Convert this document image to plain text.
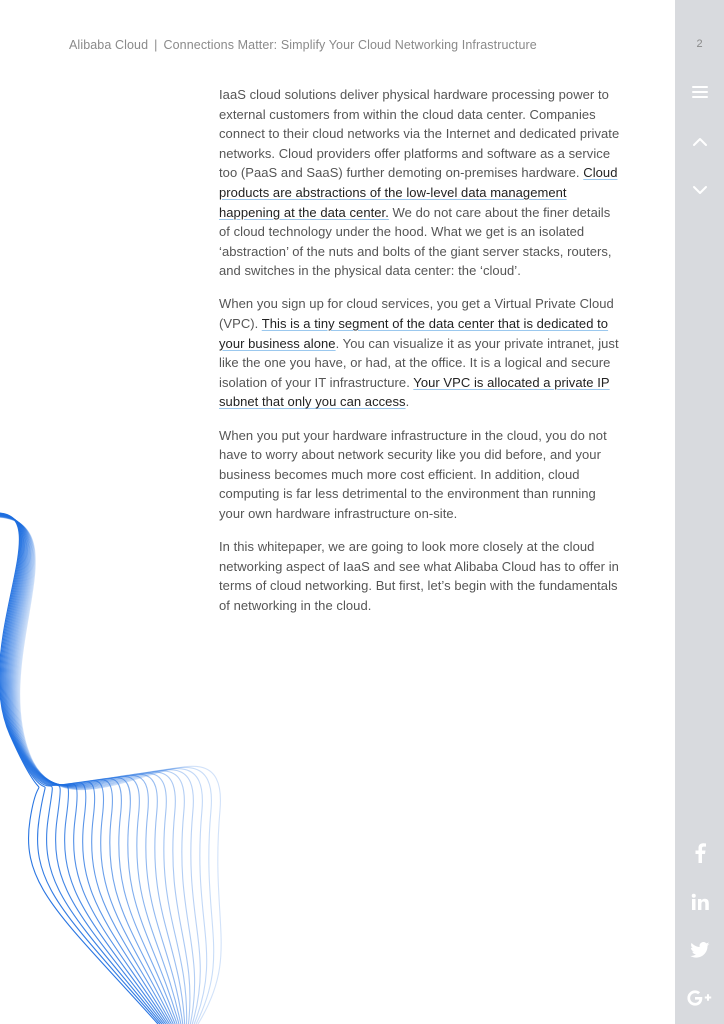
Alibaba Cloud | Connections Matter: Simplify Your Cloud Networking Infrastructure

IaaS cloud solutions deliver physical hardware processing power to external customers from within the cloud data center. Companies connect to their cloud networks via the Internet and dedicated private networks. Cloud providers offer platforms and software as a service too (PaaS and SaaS) further demoting on-premises hardware. Cloud products are abstractions of the low-level data management happening at the data center. We do not care about the finer details of cloud technology under the hood. What we get is an isolated ‘abstraction’ of the nuts and bolts of the giant server stacks, routers, and switches in the physical data center: the ‘cloud’.

When you sign up for cloud services, you get a Virtual Private Cloud (VPC). This is a tiny segment of the data center that is dedicated to your business alone. You can visualize it as your private intranet, just like the one you have, or had, at the office. It is a logical and secure isolation of your IT infrastructure. Your VPC is allocated a private IP subnet that only you can access.

When you put your hardware infrastructure in the cloud, you do not have to worry about network security like you did before, and your business becomes much more cost efficient. In addition, cloud computing is far less detrimental to the environment than running your own hardware infrastructure on-site.

In this whitepaper, we are going to look more closely at the cloud networking aspect of IaaS and see what Alibaba Cloud has to offer in terms of cloud networking. But first, let’s begin with the fundamentals of networking in the cloud.

2
